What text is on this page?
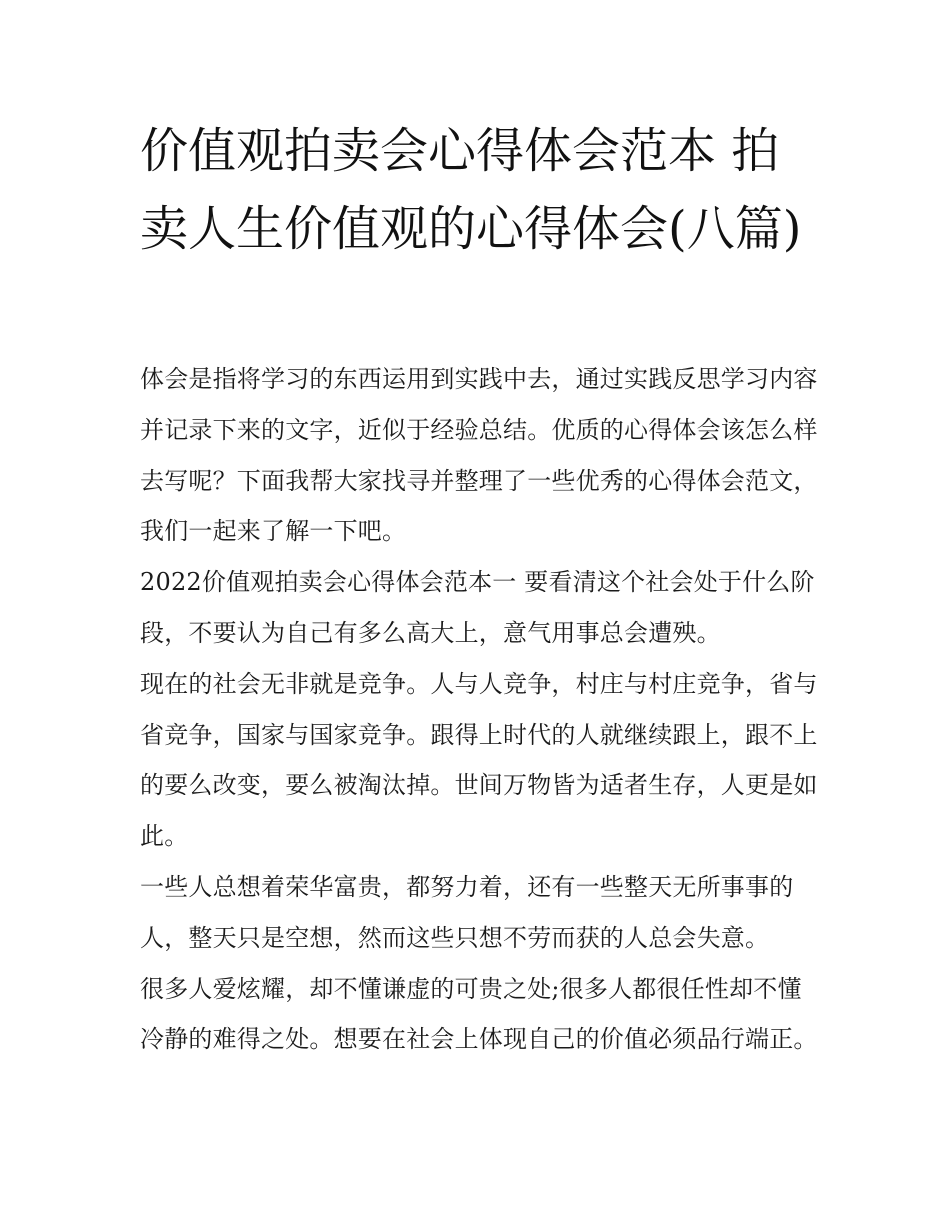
价值观拍卖会心得体会范本 拍卖人生价值观的心得体会(八篇)

体会是指将学习的东西运用到实践中去，通过实践反思学习内容并记录下来的文字，近似于经验总结。优质的心得体会该怎么样去写呢？下面我帮大家找寻并整理了一些优秀的心得体会范文，我们一起来了解一下吧。

2022价值观拍卖会心得体会范本一 要看清这个社会处于什么阶段，不要认为自己有多么高大上，意气用事总会遭殃。

现在的社会无非就是竞争。人与人竞争，村庄与村庄竞争，省与省竞争，国家与国家竞争。跟得上时代的人就继续跟上，跟不上的要么改变，要么被淘汰掉。世间万物皆为适者生存，人更是如此。

一些人总想着荣华富贵，都努力着，还有一些整天无所事事的人，整天只是空想，然而这些只想不劳而获的人总会失意。

很多人爱炫耀，却不懂谦虚的可贵之处;很多人都很任性却不懂冷静的难得之处。想要在社会上体现自己的价值必须品行端正。
